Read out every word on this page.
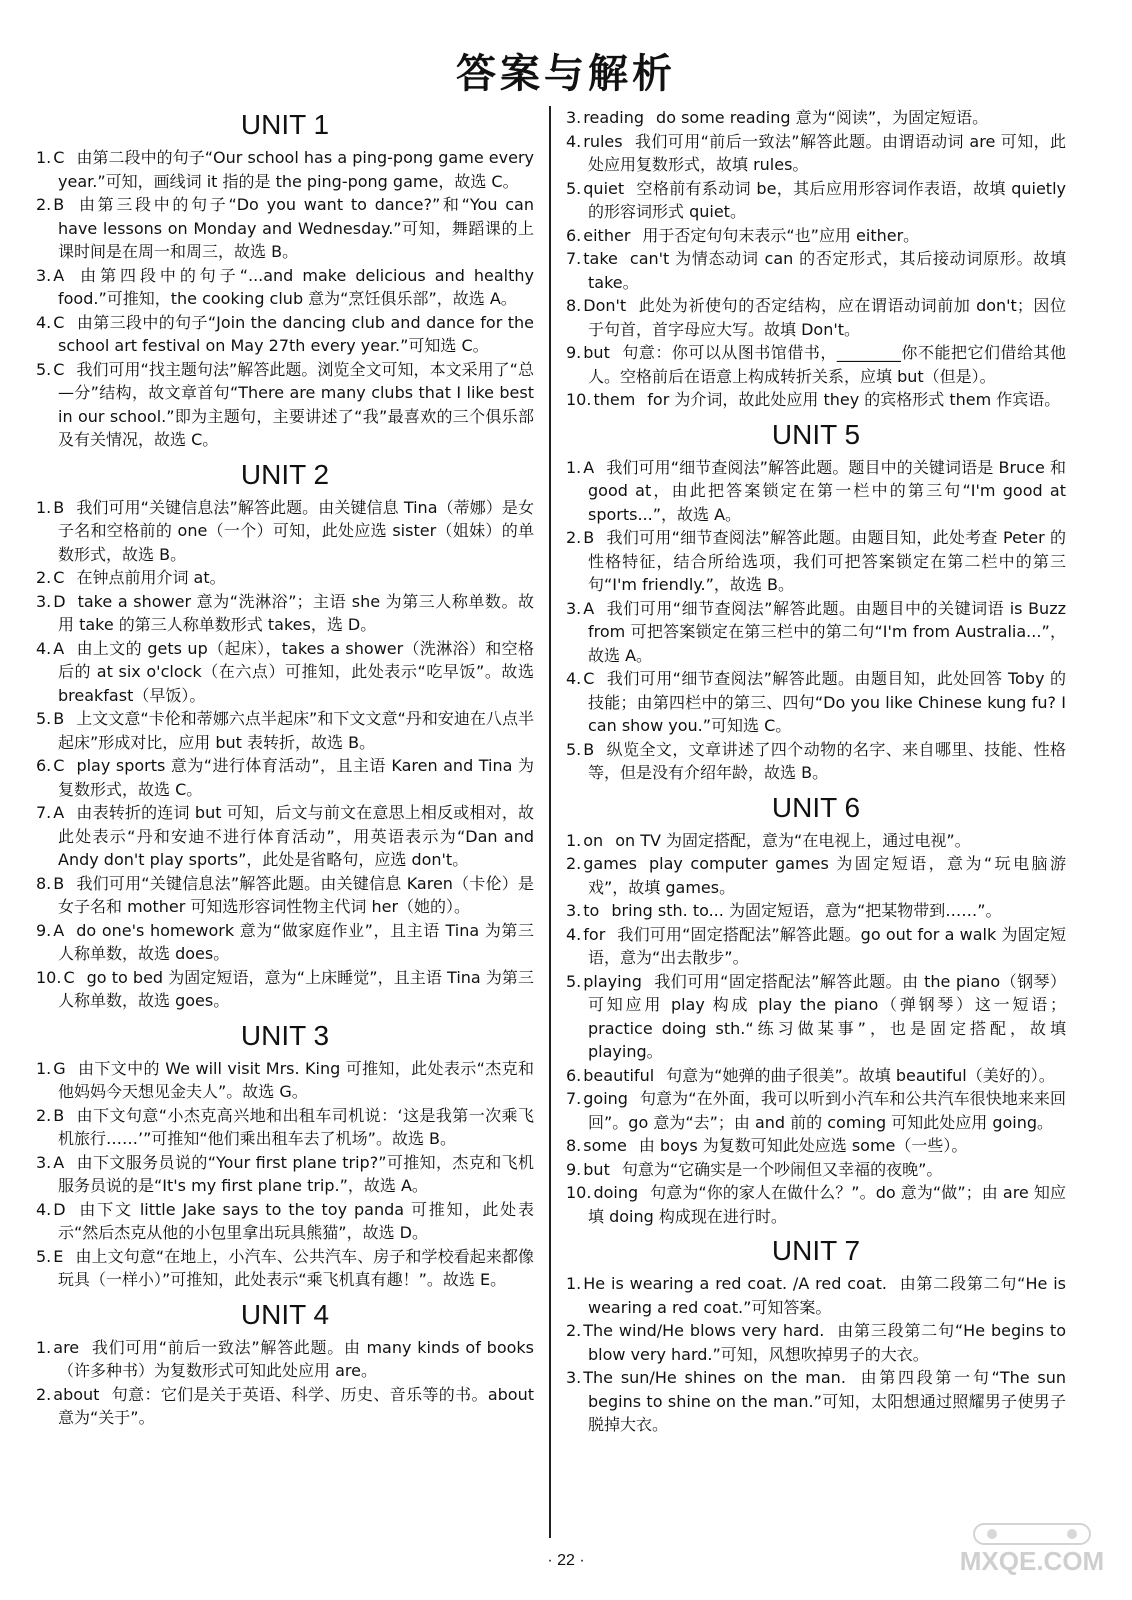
答案与解析
UNIT 1

1. C 由第二段中的句子“Our school has a ping-pong game every year.”可知，画线词 it 指的是 the ping-pong game，故选 C。

2. B 由第三段中的句子“Do you want to dance?”和“You can have lessons on Monday and Wednesday.”可知，舞蹈课的上课时间是在周一和周三，故选 B。

3. A 由第四段中的句子“...and make delicious and healthy food.”可推知，the cooking club 意为“烹饪俱乐部”，故选 A。

4. C 由第三段中的句子“Join the dancing club and dance for the school art festival on May 27th every year.”可知选 C。

5. C 我们可用“找主题句法”解答此题。浏览全文可知，本文采用了“总—分”结构，故文章首句“There are many clubs that I like best in our school.”即为主题句，主要讲述了“我”最喜欢的三个俱乐部及有关情况，故选 C。

UNIT 2

1. B 我们可用“关键信息法”解答此题。由关键信息 Tina（蒂娜）是女子名和空格前的 one（一个）可知，此处应选 sister（姐妹）的单数形式，故选 B。

2. C 在钟点前用介词 at。

3. D take a shower 意为“洗淋浴”；主语 she 为第三人称单数。故用 take 的第三人称单数形式 takes，选 D。

4. A 由上文的 gets up（起床），takes a shower（洗淋浴）和空格后的 at six o'clock（在六点）可推知，此处表示“吃早饭”。故选 breakfast（早饭）。

5. B 上文文意“卡伦和蒂娜六点半起床”和下文文意“丹和安迪在八点半起床”形成对比，应用 but 表转折，故选 B。

6. C play sports 意为“进行体育活动”，且主语 Karen and Tina 为复数形式，故选 C。

7. A 由表转折的连词 but 可知，后文与前文在意思上相反或相对，故此处表示“丹和安迪不进行体育活动”，用英语表示为“Dan and Andy don't play sports”，此处是省略句，应选 don't。

8. B 我们可用“关键信息法”解答此题。由关键信息 Karen（卡伦）是女子名和 mother 可知选形容词性物主代词 her（她的）。

9. A do one's homework 意为“做家庭作业”，且主语 Tina 为第三人称单数，故选 does。

10. C go to bed 为固定短语，意为“上床睡觉”，且主语 Tina 为第三人称单数，故选 goes。

UNIT 3

1. G 由下文中的 We will visit Mrs. King 可推知，此处表示“杰克和他妈妈今天想见金夫人”。故选 G。

2. B 由下文句意“小杰克高兴地和出租车司机说：‘这是我第一次乘飞机旅行……’”可推知“他们乘出租车去了机场”。故选 B。

3. A 由下文服务员说的“Your first plane trip?”可推知，杰克和飞机服务员说的是“It's my first plane trip.”，故选 A。

4. D 由下文 little Jake says to the toy panda 可推知，此处表示“然后杰克从他的小包里拿出玩具熊猫”，故选 D。

5. E 由上文句意“在地上，小汽车、公共汽车、房子和学校看起来都像玩具（一样小）”可推知，此处表示“乘飞机真有趣！”。故选 E。

UNIT 4

1. are 我们可用“前后一致法”解答此题。由 many kinds of books（许多种书）为复数形式可知此处应用 are。

2. about 句意：它们是关于英语、科学、历史、音乐等的书。about 意为“关于”。

3. reading do some reading 意为“阅读”，为固定短语。

4. rules 我们可用“前后一致法”解答此题。由谓语动词 are 可知，此处应用复数形式，故填 rules。

5. quiet 空格前有系动词 be，其后应用形容词作表语，故填 quietly 的形容词形式 quiet。

6. either 用于否定句句末表示“也”应用 either。

7. take can't 为情态动词 can 的否定形式，其后接动词原形。故填 take。

8. Don't 此处为祈使句的否定结构，应在谓语动词前加 don't；因位于句首，首字母应大写。故填 Don't。

9. but 句意：你可以从图书馆借书，________你不能把它们借给其他人。空格前后在语意上构成转折关系，应填 but（但是）。

10. them for 为介词，故此处应用 they 的宾格形式 them 作宾语。

UNIT 5

1. A 我们可用“细节查阅法”解答此题。题目中的关键词语是 Bruce 和 good at，由此把答案锁定在第一栏中的第三句“I'm good at sports...”，故选 A。

2. B 我们可用“细节查阅法”解答此题。由题目知，此处考查 Peter 的性格特征，结合所给选项，我们可把答案锁定在第二栏中的第三句“I'm friendly.”，故选 B。

3. A 我们可用“细节查阅法”解答此题。由题目中的关键词语 is Buzz from 可把答案锁定在第三栏中的第二句“I'm from Australia...”，故选 A。

4. C 我们可用“细节查阅法”解答此题。由题目知，此处回答 Toby 的技能；由第四栏中的第三、四句“Do you like Chinese kung fu? I can show you.”可知选 C。

5. B 纵览全文，文章讲述了四个动物的名字、来自哪里、技能、性格等，但是没有介绍年龄，故选 B。

UNIT 6

1. on on TV 为固定搭配，意为“在电视上，通过电视”。

2. games play computer games 为固定短语，意为“玩电脑游戏”，故填 games。

3. to bring sth. to... 为固定短语，意为“把某物带到……”。

4. for 我们可用“固定搭配法”解答此题。go out for a walk 为固定短语，意为“出去散步”。

5. playing 我们可用“固定搭配法”解答此题。由 the piano（钢琴）可知应用 play 构成 play the piano（弹钢琴）这一短语；practice doing sth.“练习做某事”，也是固定搭配，故填 playing。

6. beautiful 句意为“她弹的曲子很美”。故填 beautiful（美好的）。

7. going 句意为“在外面，我可以听到小汽车和公共汽车很快地来来回回”。go 意为“去”；由 and 前的 coming 可知此处应用 going。

8. some 由 boys 为复数可知此处应选 some（一些）。

9. but 句意为“它确实是一个吵闹但又幸福的夜晚”。

10. doing 句意为“你的家人在做什么？”。do 意为“做”；由 are 知应填 doing 构成现在进行时。

UNIT 7

1. He is wearing a red coat. /A red coat. 由第二段第二句“He is wearing a red coat.”可知答案。

2. The wind/He blows very hard. 由第三段第二句“He begins to blow very hard.”可知，风想吹掉男子的大衣。

3. The sun/He shines on the man. 由第四段第一句“The sun begins to shine on the man.”可知，太阳想通过照耀男子使男子脱掉大衣。

· 22 ·	MXQE.COM
